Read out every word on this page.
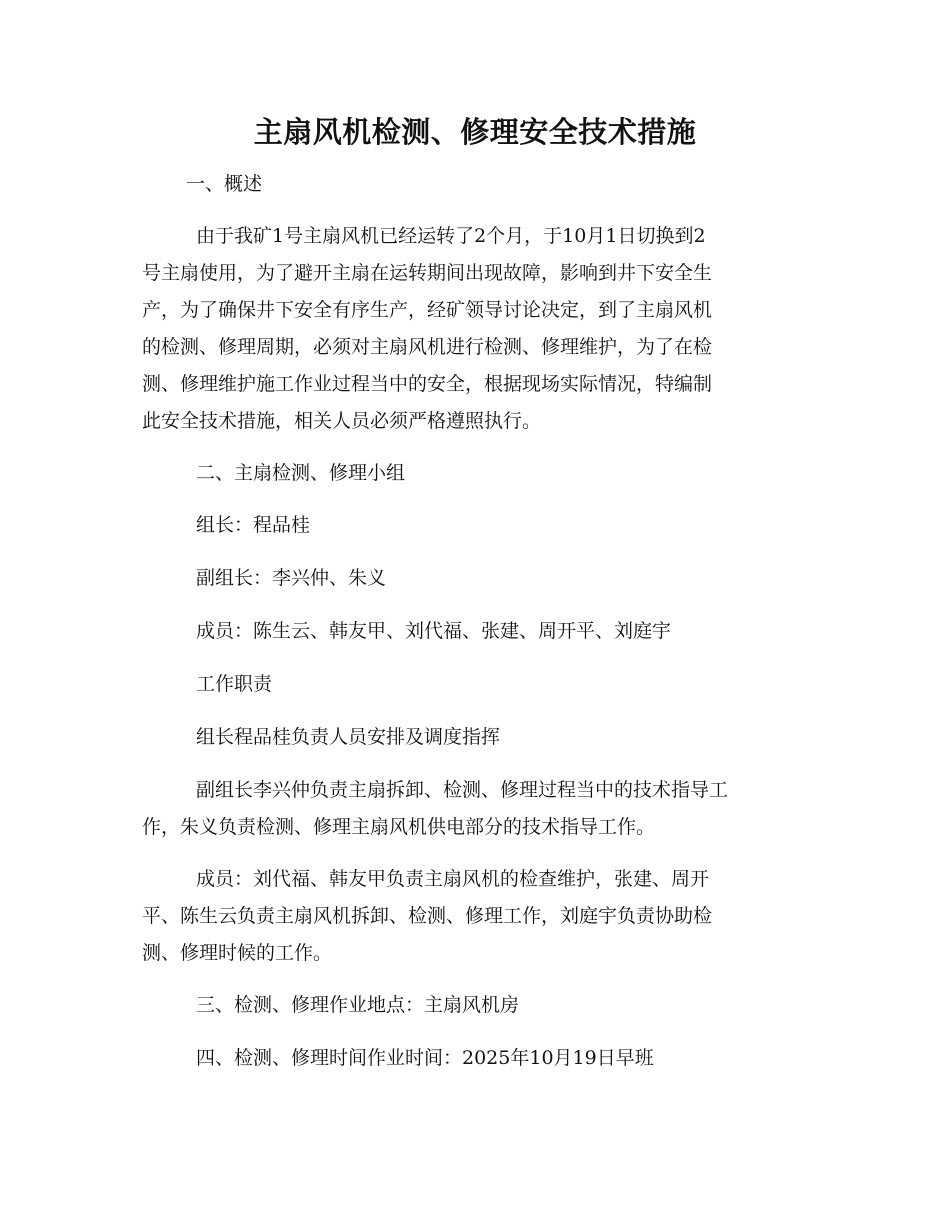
主扇风机检测、修理安全技术措施
一、概述
由于我矿1号主扇风机已经运转了2个月，于10月1日切换到2
号主扇使用，为了避开主扇在运转期间出现故障，影响到井下安全生
产，为了确保井下安全有序生产，经矿领导讨论决定，到了主扇风机
的检测、修理周期，必须对主扇风机进行检测、修理维护，为了在检
测、修理维护施工作业过程当中的安全，根据现场实际情况，特编制
此安全技术措施，相关人员必须严格遵照执行。
二、主扇检测、修理小组
组长：程品桂
副组长：李兴仲、朱义
成员：陈生云、韩友甲、刘代福、张建、周开平、刘庭宇
工作职责
组长程品桂负责人员安排及调度指挥
副组长李兴仲负责主扇拆卸、检测、修理过程当中的技术指导工
作，朱义负责检测、修理主扇风机供电部分的技术指导工作。
成员：刘代福、韩友甲负责主扇风机的检查维护，张建、周开
平、陈生云负责主扇风机拆卸、检测、修理工作，刘庭宇负责协助检
测、修理时候的工作。
三、检测、修理作业地点：主扇风机房
四、检测、修理时间作业时间：2025年10月19日早班
